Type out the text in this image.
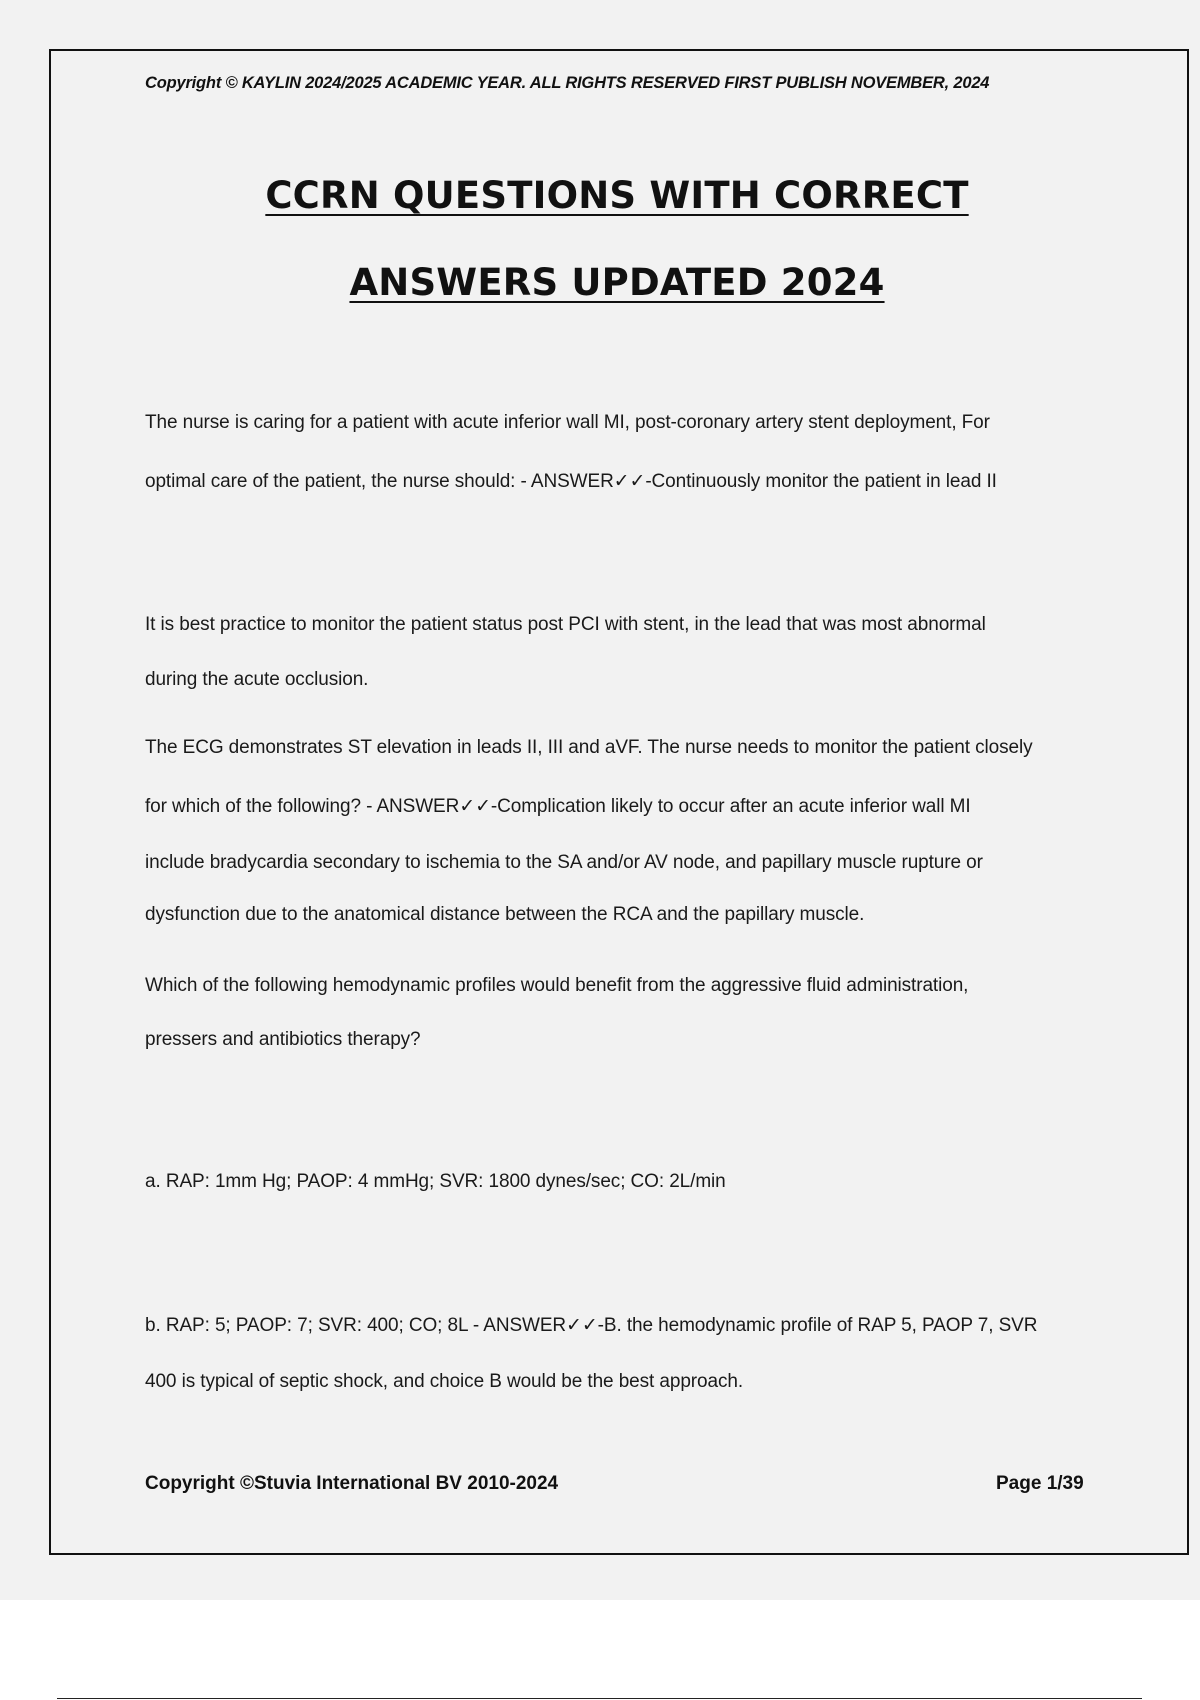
Copyright © KAYLIN 2024/2025 ACADEMIC YEAR. ALL RIGHTS RESERVED FIRST PUBLISH NOVEMBER, 2024
CCRN QUESTIONS WITH CORRECT
ANSWERS UPDATED 2024
The nurse is caring for a patient with acute inferior wall MI, post-coronary artery stent deployment, For
optimal care of the patient, the nurse should: - ANSWER✓✓-Continuously monitor the patient in lead II
It is best practice to monitor the patient status post PCI with stent, in the lead that was most abnormal
during the acute occlusion.
The ECG demonstrates ST elevation in leads II, III and aVF. The nurse needs to monitor the patient closely
for which of the following? - ANSWER✓✓-Complication likely to occur after an acute inferior wall MI
include bradycardia secondary to ischemia to the SA and/or AV node, and papillary muscle rupture or
dysfunction due to the anatomical distance between the RCA and the papillary muscle.
Which of the following hemodynamic profiles would benefit from the aggressive fluid administration,
pressers and antibiotics therapy?
a. RAP: 1mm Hg; PAOP: 4 mmHg; SVR: 1800 dynes/sec; CO: 2L/min
b. RAP: 5; PAOP: 7; SVR: 400; CO; 8L - ANSWER✓✓-B. the hemodynamic profile of RAP 5, PAOP 7, SVR
400 is typical of septic shock, and choice B would be the best approach.
Copyright ©Stuvia International BV 2010-2024	Page 1/39
